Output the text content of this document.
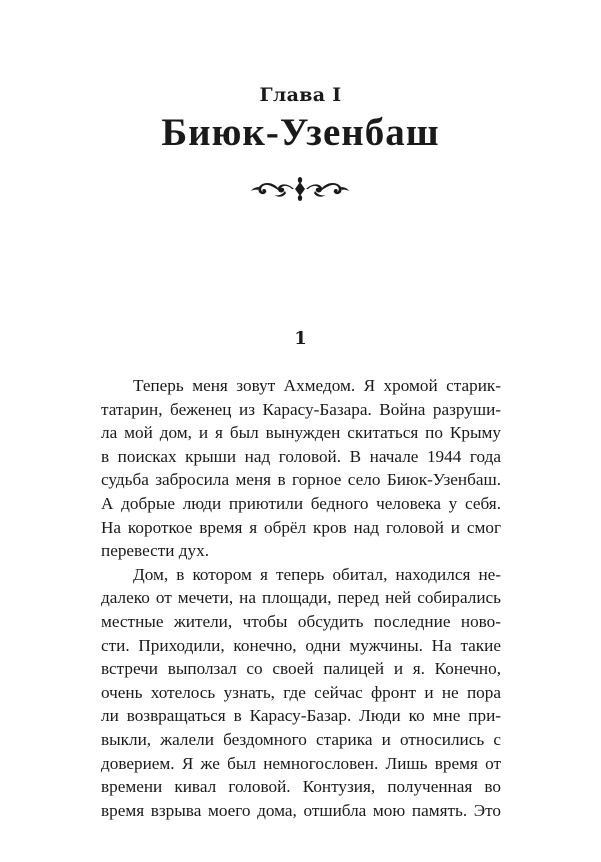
Глава I
Биюк-Узенбаш
1
Теперь меня зовут Ахмедом. Я хромой старик-
татарин, беженец из Карасу-Базара. Война разруши-
ла мой дом, и я был вынужден скитаться по Крыму
в поисках крыши над головой. В начале 1944 года
судьба забросила меня в горное село Биюк-Узенбаш.
А добрые люди приютили бедного человека у себя.
На короткое время я обрёл кров над головой и смог
перевести дух.
Дом, в котором я теперь обитал, находился не-
далеко от мечети, на площади, перед ней собирались
местные жители, чтобы обсудить последние ново-
сти. Приходили, конечно, одни мужчины. На такие
встречи выползал со своей палицей и я. Конечно,
очень хотелось узнать, где сейчас фронт и не пора
ли возвращаться в Карасу-Базар. Люди ко мне при-
выкли, жалели бездомного старика и относились с
доверием. Я же был немногословен. Лишь время от
времени кивал головой. Контузия, полученная во
время взрыва моего дома, отшибла мою память. Это
